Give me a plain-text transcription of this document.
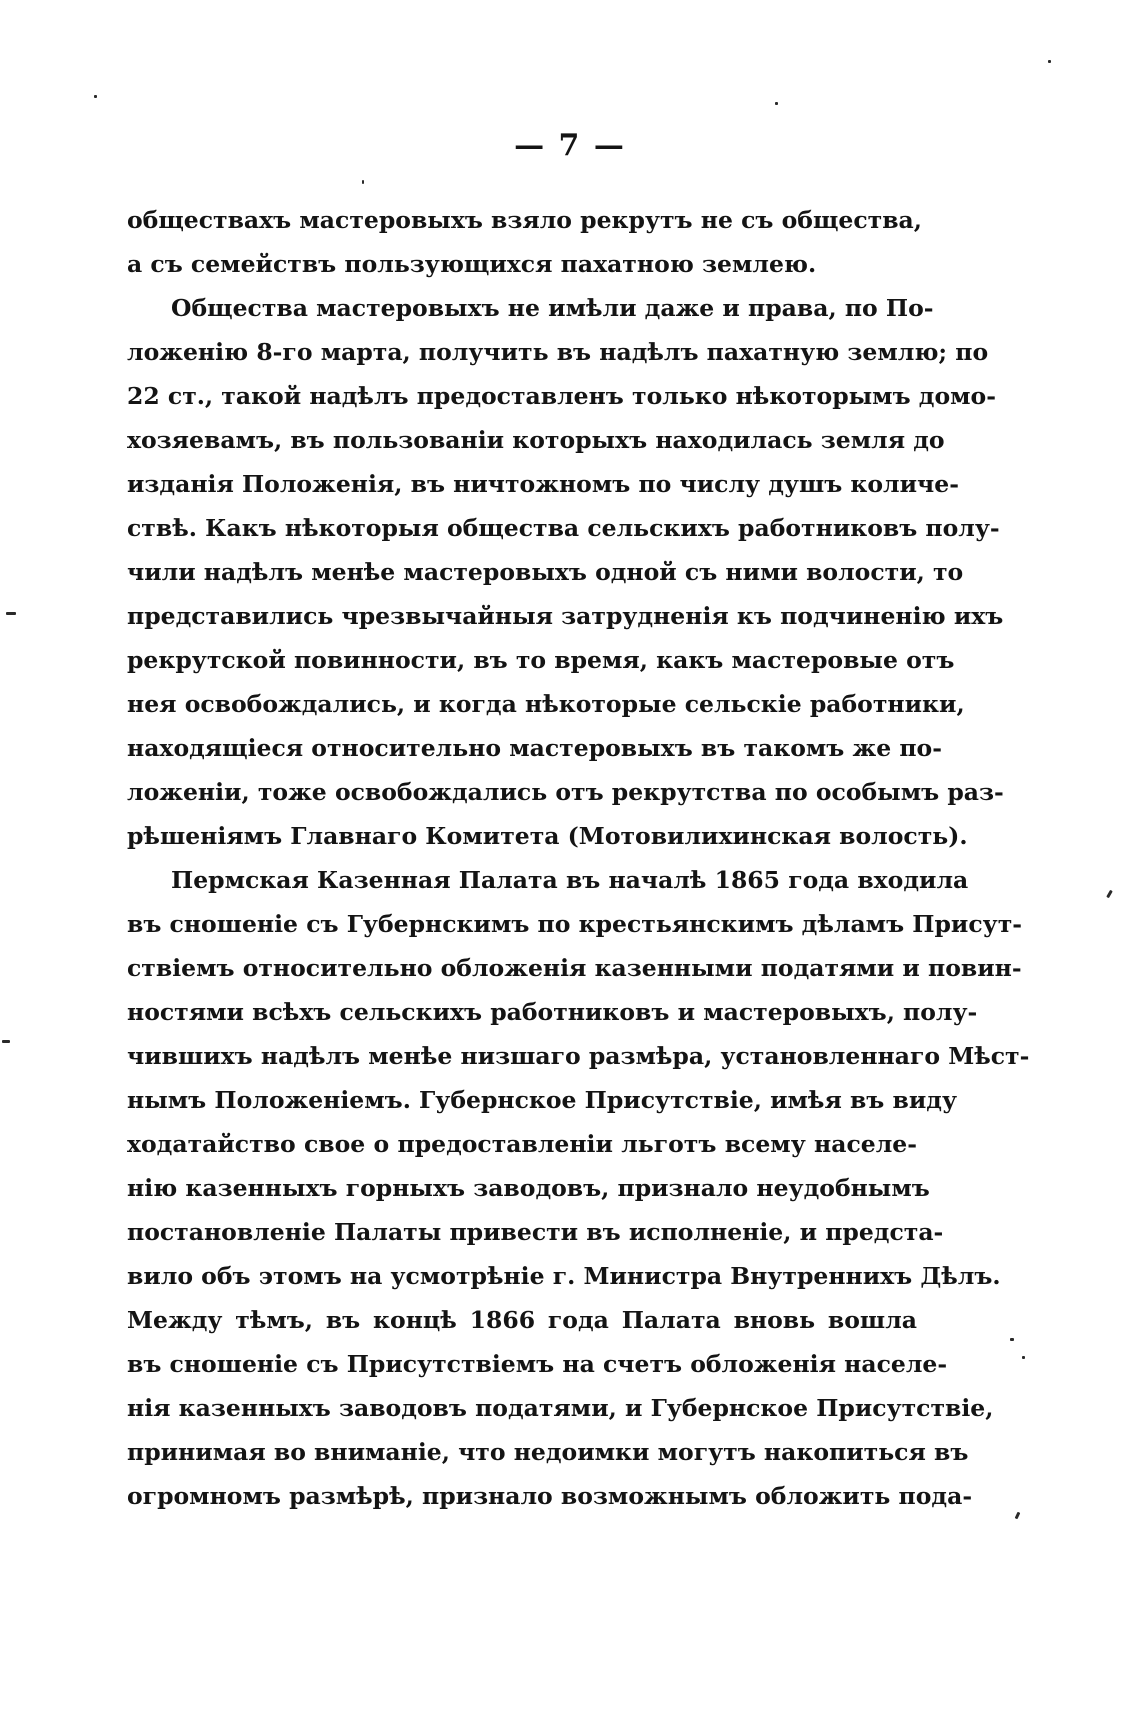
— 7 —
обществахъ мастеровыхъ взяло рекрутъ не съ общества,
а съ семействъ пользующихся пахатною землею.
Общества мастеровыхъ не имѣли даже и права, по По-
ложенію 8-го марта, получить въ надѣлъ пахатную землю; по
22 ст., такой надѣлъ предоставленъ только нѣкоторымъ домо-
хозяевамъ, въ пользованіи которыхъ находилась земля до
изданія Положенія, въ ничтожномъ по числу душъ количе-
ствѣ. Какъ нѣкоторыя общества сельскихъ работниковъ полу-
чили надѣлъ менѣе мастеровыхъ одной съ ними волости, то
представились чрезвычайныя затрудненія къ подчиненію ихъ
рекрутской повинности, въ то время, какъ мастеровые отъ
нея освобождались, и когда нѣкоторые сельскіе работники,
находящіеся относительно мастеровыхъ въ такомъ же по-
ложеніи, тоже освобождались отъ рекрутства по особымъ раз-
рѣшеніямъ Главнаго Комитета (Мотовилихинская волость).
Пермская Казенная Палата въ началѣ 1865 года входила
въ сношеніе съ Губернскимъ по крестьянскимъ дѣламъ Присут-
ствіемъ относительно обложенія казенными податями и повин-
ностями всѣхъ сельскихъ работниковъ и мастеровыхъ, полу-
чившихъ надѣлъ менѣе низшаго размѣра, установленнаго Мѣст-
нымъ Положеніемъ. Губернское Присутствіе, имѣя въ виду
ходатайство свое о предоставленіи льготъ всему населе-
нію казенныхъ горныхъ заводовъ, признало неудобнымъ
постановленіе Палаты привести въ исполненіе, и предста-
вило объ этомъ на усмотрѣніе г. Министра Внутреннихъ Дѣлъ.
Между тѣмъ, въ концѣ 1866 года Палата вновь вошла
въ сношеніе съ Присутствіемъ на счетъ обложенія населе-
нія казенныхъ заводовъ податями, и Губернское Присутствіе,
принимая во вниманіе, что недоимки могутъ накопиться въ
огромномъ размѣрѣ, признало возможнымъ обложить пода-
